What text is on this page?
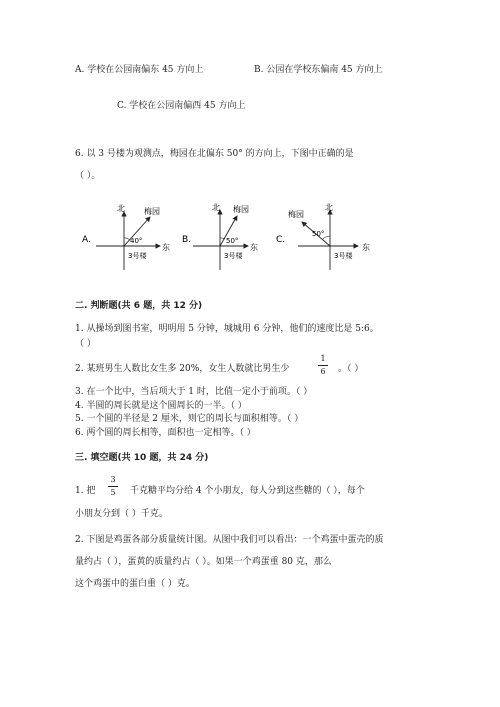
A. 学校在公园南偏东 45 方向上	B. 公园在学校东偏南 45 方向上
C. 学校在公园南偏西 45 方向上
6. 以 3 号楼为观测点，梅园在北偏东 50° 的方向上，下图中正确的是
（ ）。
A.
北 梅园
40°
东
3号楼
B.
北 梅园
50°
东
3号楼
C.
北
梅园
50°
东
3号楼
二. 判断题(共 6 题，共 12 分)
1. 从操场到图书室，明明用 5 分钟，城城用 6 分钟，他们的速度比是 5:6。
（ ）
2. 某班男生人数比女生多 20%，女生人数就比男生少
1
6 。（ ）
3. 在一个比中，当后项大于 1 时，比值一定小于前项。（ ）
4. 半圆的周长就是这个圆周长的一半。（ ）
5. 一个圆的半径是 2 厘米，则它的周长与面积相等。（ ）
6. 两个圆的周长相等，面积也一定相等。（ ）
三. 填空题(共 10 题，共 24 分)
1. 把
3
5 千克糖平均分给 4 个小朋友，每人分到这些糖的（ ），每个
小朋友分到（ ）千克。
2. 下图是鸡蛋各部分质量统计图。从图中我们可以看出：一个鸡蛋中蛋壳的质
量约占（ ），蛋黄的质量约占（ ）。如果一个鸡蛋重 80 克，那么
这个鸡蛋中的蛋白重（ ）克。
